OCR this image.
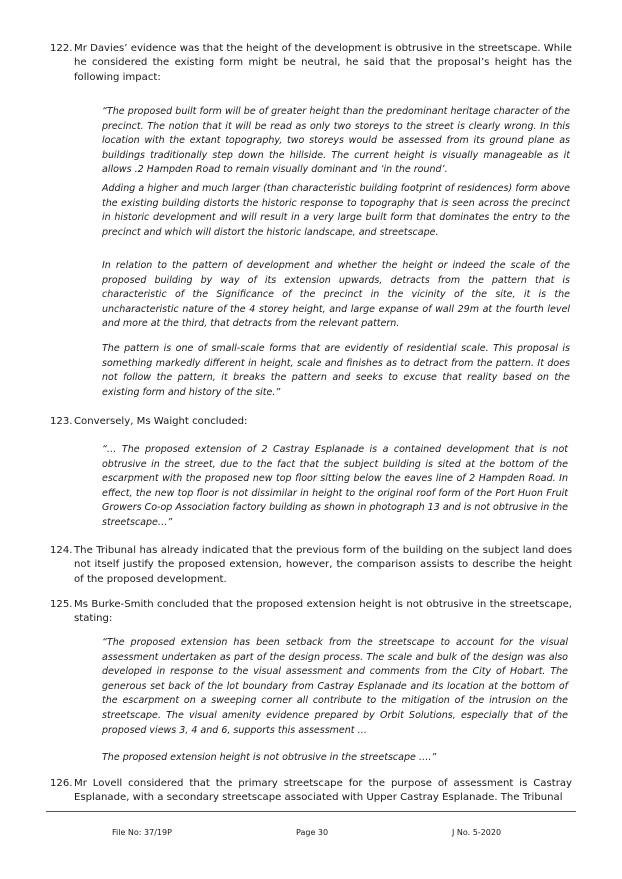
122. Mr Davies’ evidence was that the height of the development is obtrusive in the streetscape. While he considered the existing form might be neutral, he said that the proposal’s height has the following impact:
“The proposed built form will be of greater height than the predominant heritage character of the precinct. The notion that it will be read as only two storeys to the street is clearly wrong. In this location with the extant topography, two storeys would be assessed from its ground plane as buildings traditionally step down the hillside. The current height is visually manageable as it allows .2 Hampden Road to remain visually dominant and ‘in the round’.
Adding a higher and much larger (than characteristic building footprint of residences) form above the existing building distorts the historic response to topography that is seen across the precinct in historic development and will result in a very large built form that dominates the entry to the precinct and which will distort the historic landscape, and streetscape.
In relation to the pattern of development and whether the height or indeed the scale of the proposed building by way of its extension upwards, detracts from the pattern that is characteristic of the Significance of the precinct in the vicinity of the site, it is the uncharacteristic nature of the 4 storey height, and large expanse of wall 29m at the fourth level and more at the third, that detracts from the relevant pattern.
The pattern is one of small-scale forms that are evidently of residential scale. This proposal is something markedly different in height, scale and finishes as to detract from the pattern. It does not follow the pattern, it breaks the pattern and seeks to excuse that reality based on the existing form and history of the site.”
123. Conversely, Ms Waight concluded:
“… The proposed extension of 2 Castray Esplanade is a contained development that is not obtrusive in the street, due to the fact that the subject building is sited at the bottom of the escarpment with the proposed new top floor sitting below the eaves line of 2 Hampden Road. In effect, the new top floor is not dissimilar in height to the original roof form of the Port Huon Fruit Growers Co-op Association factory building as shown in photograph 13 and is not obtrusive in the streetscape…”
124. The Tribunal has already indicated that the previous form of the building on the subject land does not itself justify the proposed extension, however, the comparison assists to describe the height of the proposed development.
125. Ms Burke-Smith concluded that the proposed extension height is not obtrusive in the streetscape, stating:
“The proposed extension has been setback from the streetscape to account for the visual assessment undertaken as part of the design process. The scale and bulk of the design was also developed in response to the visual assessment and comments from the City of Hobart. The generous set back of the lot boundary from Castray Esplanade and its location at the bottom of the escarpment on a sweeping corner all contribute to the mitigation of the intrusion on the streetscape. The visual amenity evidence prepared by Orbit Solutions, especially that of the proposed views 3, 4 and 6, supports this assessment …
The proposed extension height is not obtrusive in the streetscape ….”
126. Mr Lovell considered that the primary streetscape for the purpose of assessment is Castray Esplanade, with a secondary streetscape associated with Upper Castray Esplanade. The Tribunal
File No: 37/19P	Page 30	J No. 5-2020
